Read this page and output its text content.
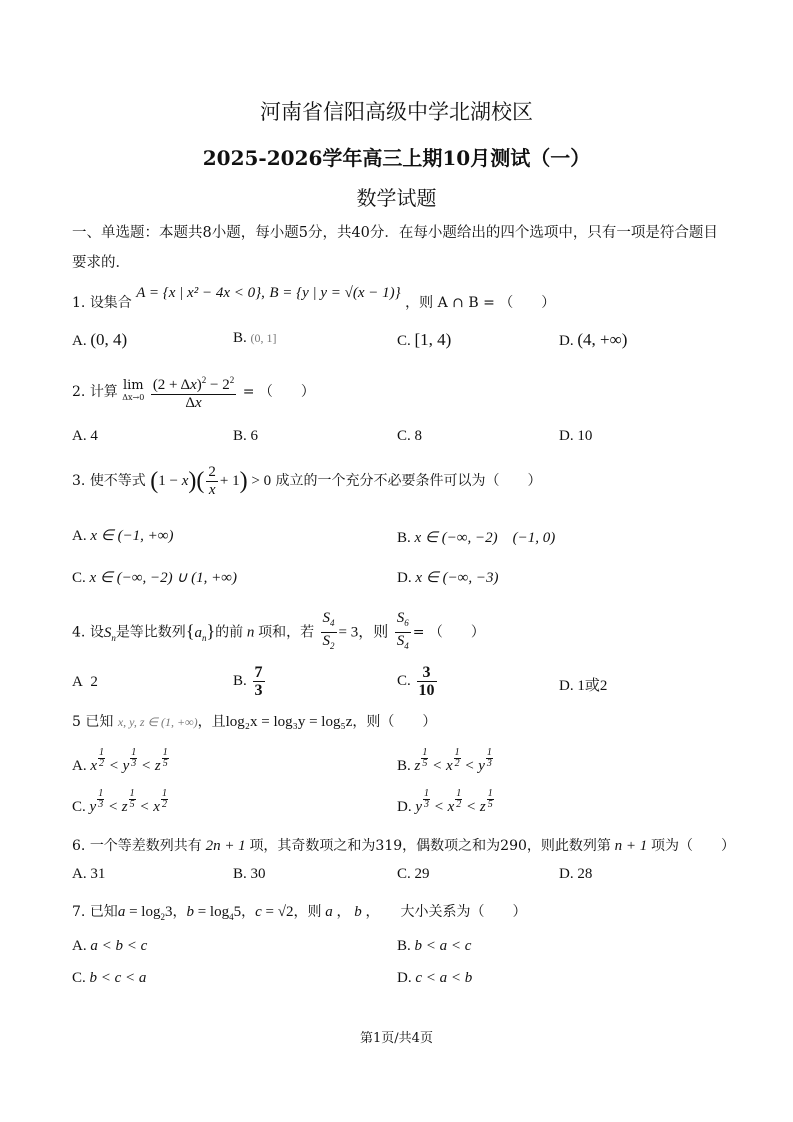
河南省信阳高级中学北湖校区
2025-2026学年高三上期10月测试（一）
数学试题
一、单选题：本题共8小题，每小题5分，共40分．在每小题给出的四个选项中，只有一项是符合题目要求的．
1. 设集合 A = {x | x² − 4x < 0}, B = {y | y = √(x − 1)} ，则 A ∩ B = （　　）
A. (0, 4)	B. (0, 1]	C. [1, 4)	D. (4, +∞)
2. 计算 lim
Δx→0
$\frac{(2 + \Delta x)^2 - 2^2}{\Delta x}$ = （　　）
A. 4	B. 6	C. 8	D. 10
3. 使不等式 $(1 - x)( \frac{2}{x} + 1) > 0$ 成立的一个充分不必要条件可以为（　　）
A. x ∈ (−1, +∞)	B. x ∈ (−∞, −2)　(−1, 0)
C. x ∈ (−∞, −2) ∪ (1, +∞)	D. x ∈ (−∞, −3)
4. 设$S_n$是等比数列$\{a_n\}$的前 n 项和，若 $\frac{S_4}{S_2} = 3$，则 $\frac{S_6}{S_4}$ = （　　）
A 2	B. $\frac{7}{3}$	C. $\frac{3}{10}$	D. 1或2
5 已知 x, y, z ∈ (1, +∞)，且log₂x = log₃y = log₅z，则（　　）
A. x $\frac{1}{2} < y \frac{1}{3} < z \frac{1}{5}$	B. z $\frac{1}{5} < x \frac{1}{2} < y \frac{1}{3}$
C. y $\frac{1}{3} < z \frac{1}{5} < x \frac{1}{2}$	D. y $\frac{1}{3} < x \frac{1}{2} < z \frac{1}{5}$
6. 一个等差数列共有 2n + 1 项，其奇数项之和为319，偶数项之和为290，则此数列第 n + 1 项为（　　）
A. 31	B. 30	C. 29	D. 28
7. 已知$a = \log_23$，$b = \log_45$，c = √2，则 a ， b ，　　大小关系为（　　）
A. a < b < c	B. b < a < c
C. b < c < a	D. c < a < b
第1页/共4页
